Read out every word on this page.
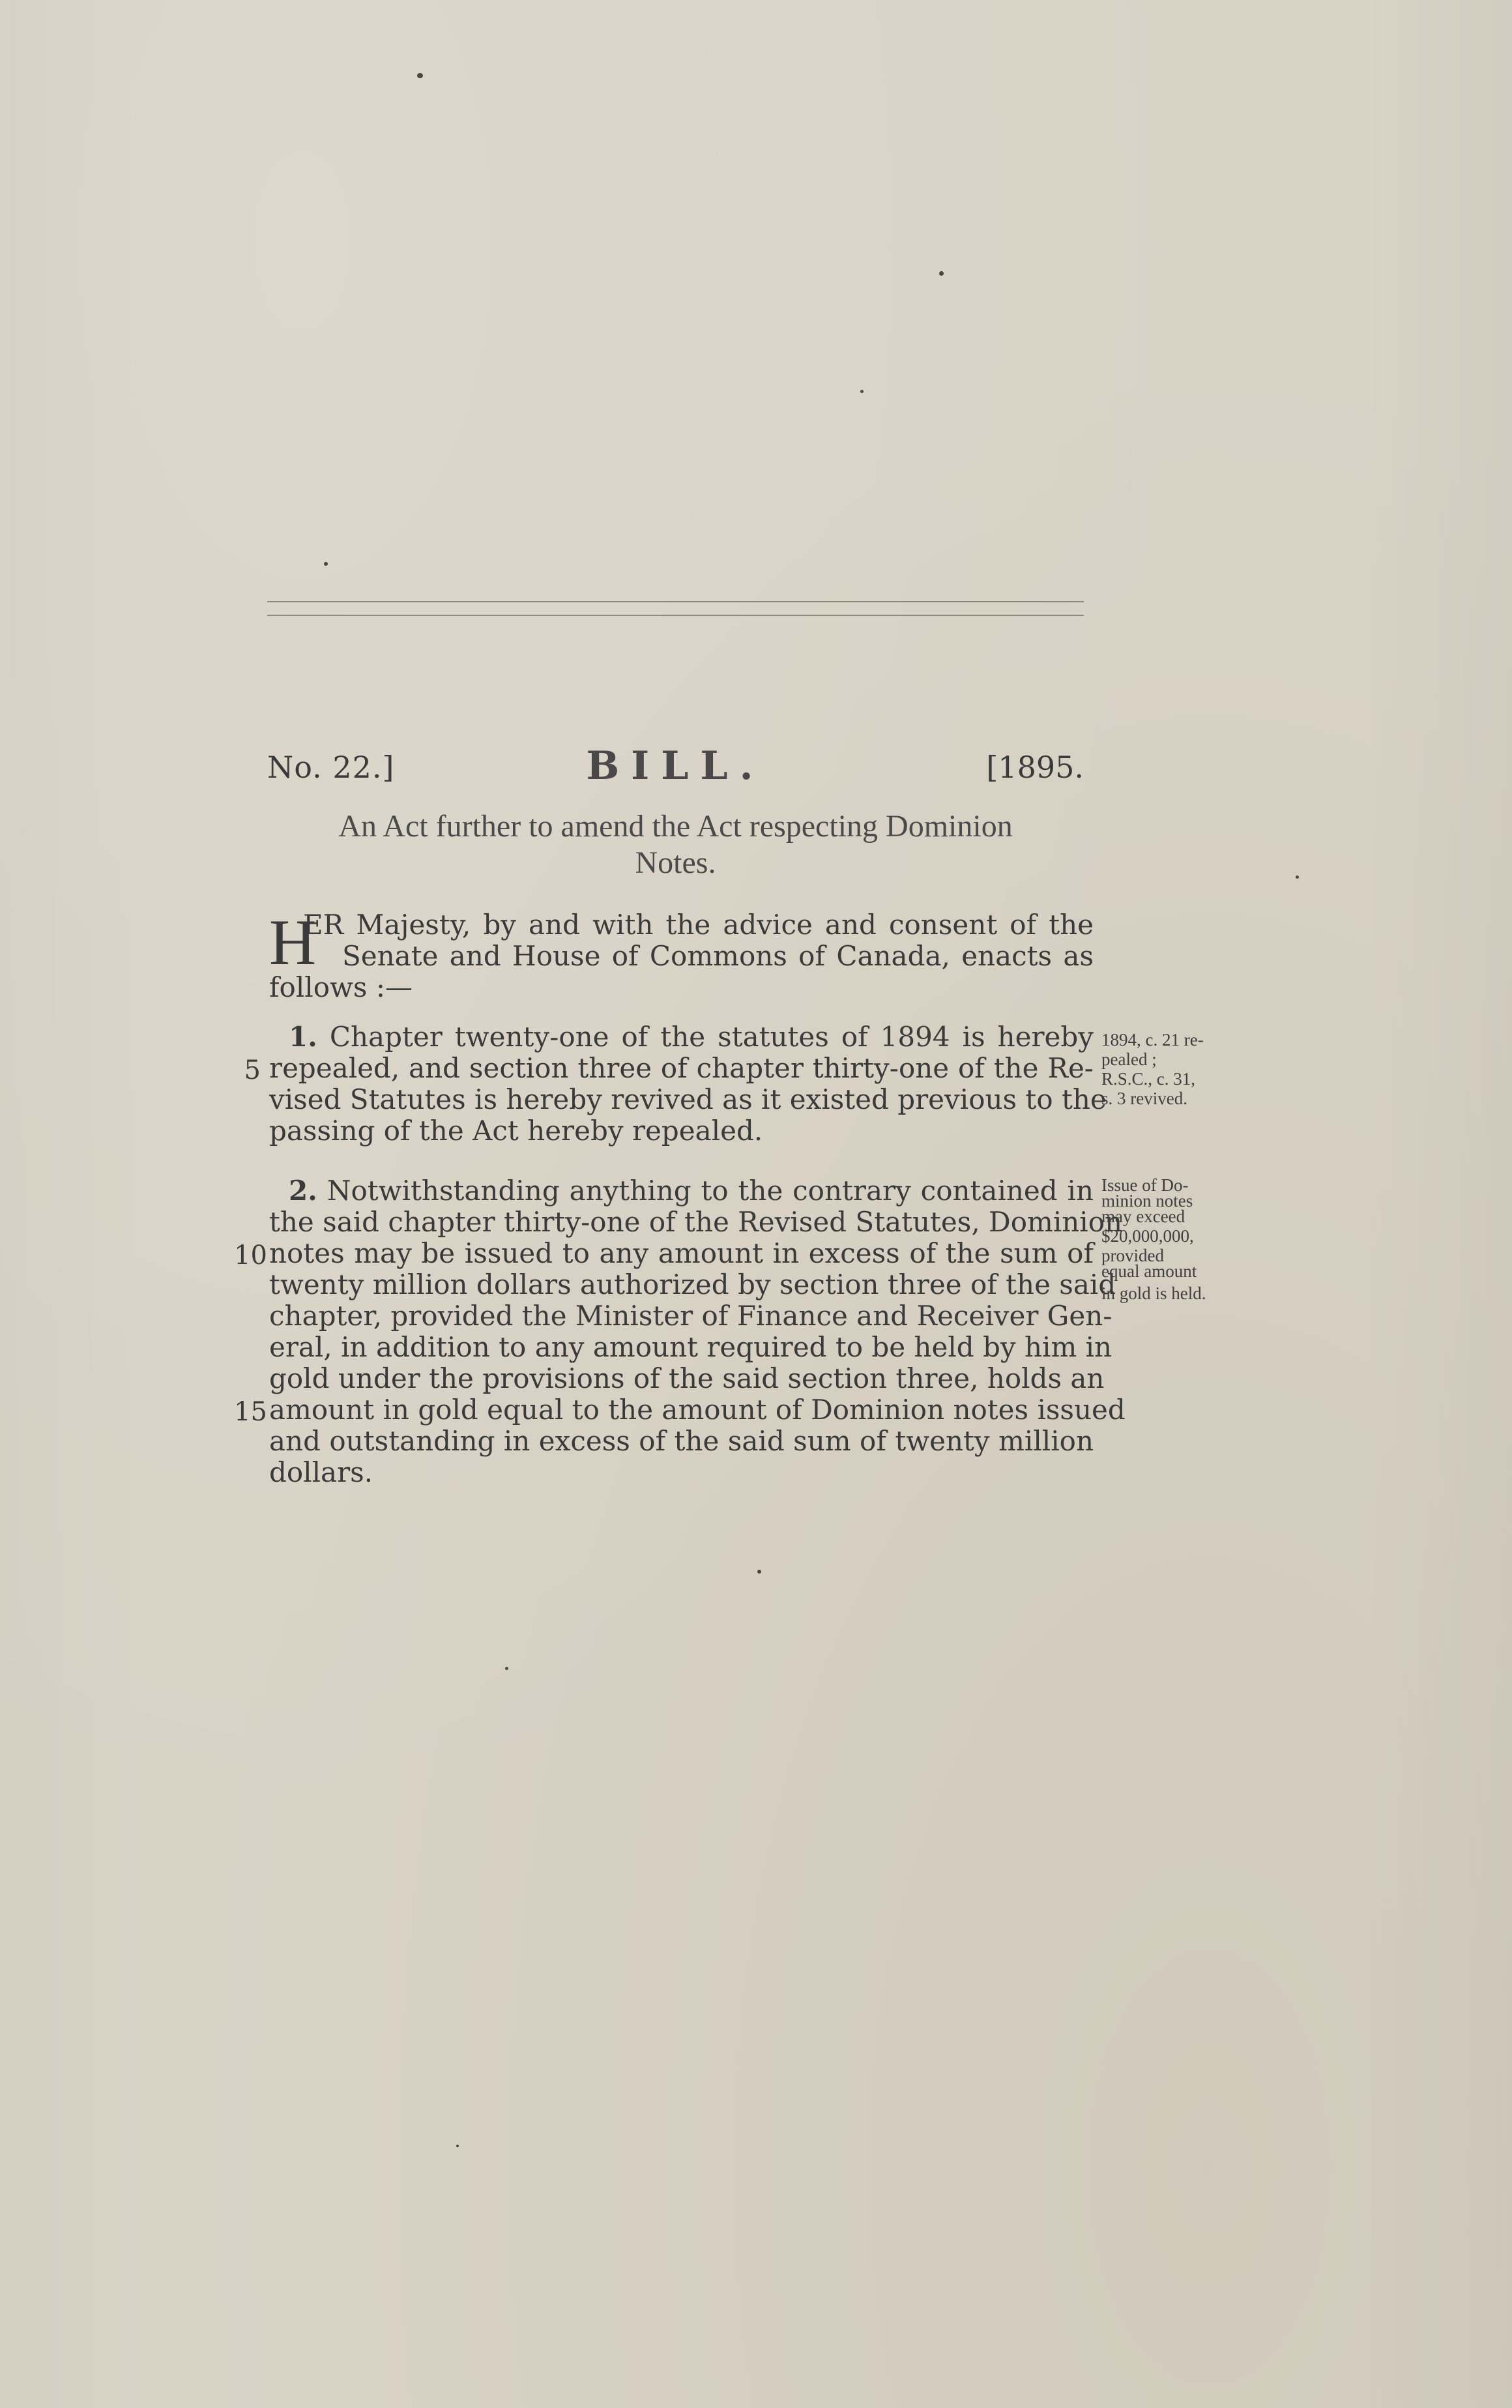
No. 22.]	BILL.	[1895.
An Act further to amend the Act respecting Dominion
Notes.
H
ER Majesty, by and with the advice and consent of the
Senate and House of Commons of Canada, enacts as
follows :—
1. Chapter twenty-one of the statutes of 1894 is hereby
repealed, and section three of chapter thirty-one of the Re-
vised Statutes is hereby revived as it existed previous to the
passing of the Act hereby repealed.
5
1894, c. 21 re-
pealed ;
R.S.C., c. 31,
s. 3 revived.
2. Notwithstanding anything to the contrary contained in
the said chapter thirty-one of the Revised Statutes, Dominion
notes may be issued to any amount in excess of the sum of
twenty million dollars authorized by section three of the said
chapter, provided the Minister of Finance and Receiver Gen-
eral, in addition to any amount required to be held by him in
gold under the provisions of the said section three, holds an
amount in gold equal to the amount of Dominion notes issued
and outstanding in excess of the said sum of twenty million
dollars.
10
15
Issue of Do-
minion notes
may exceed
$20,000,000,
provided
equal amount
in gold is held.
